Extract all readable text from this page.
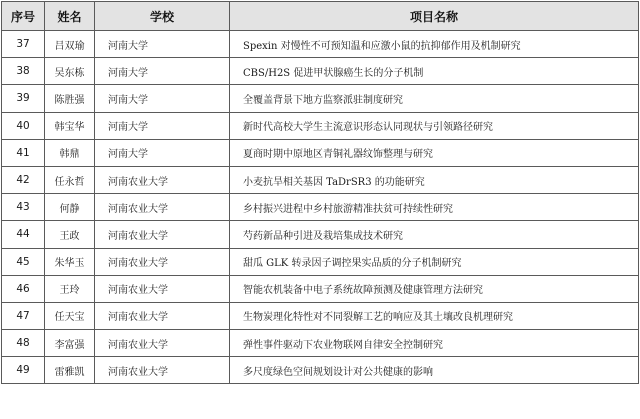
序号	姓名	学校	项目名称
37	吕双瑜	河南大学	Spexin 对慢性不可预知温和应激小鼠的抗抑郁作用及机制研究
38	吴东栋	河南大学	CBS/H2S 促进甲状腺癌生长的分子机制
39	陈胜强	河南大学	全覆盖背景下地方监察派驻制度研究
40	韩宝华	河南大学	新时代高校大学生主流意识形态认同现状与引领路径研究
41	韩鼎	河南大学	夏商时期中原地区青铜礼器纹饰整理与研究
42	任永哲	河南农业大学	小麦抗旱相关基因 TaDrSR3 的功能研究
43	何静	河南农业大学	乡村振兴进程中乡村旅游精准扶贫可持续性研究
44	王政	河南农业大学	芍药新品种引进及栽培集成技术研究
45	朱华玉	河南农业大学	甜瓜 GLK 转录因子调控果实品质的分子机制研究
46	王玲	河南农业大学	智能农机装备中电子系统故障预测及健康管理方法研究
47	任天宝	河南农业大学	生物炭理化特性对不同裂解工艺的响应及其土壤改良机理研究
48	李富强	河南农业大学	弹性事件驱动下农业物联网自律安全控制研究
49	雷雅凯	河南农业大学	多尺度绿色空间规划设计对公共健康的影响
